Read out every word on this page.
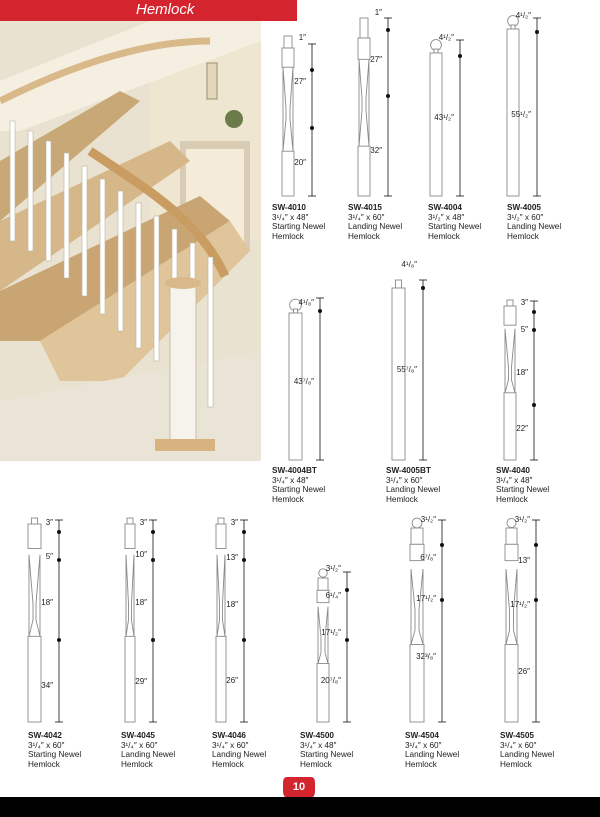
Hemlock
1″
27″
20″
SW-4010
3¹/₄″ x 48″
Starting Newel
Hemlock
1″
27″
32″
SW-4015
3¹/₄″ x 60″
Landing Newel
Hemlock
4¹/₂″
43¹/₂″
SW-4004
3¹/₂″ x 48″
Starting Newel
Hemlock
4¹/₂″
55¹/₂″
SW-4005
3¹/₂″ x 60″
Landing Newel
Hemlock
4¹/₈″
43⁷/₈″
SW-4004BT
3¹/₄″ x 48″
Starting Newel
Hemlock
4¹/₈″
55⁷/₈″
SW-4005BT
3¹/₄″ x 60″
Landing Newel
Hemlock
3″
5″
18″
22″
SW-4040
3¹/₄″ x 48″
Starting Newel
Hemlock
3″
5″
18″
34″
SW-4042
3¹/₄″ x 60″
Starting Newel
Hemlock
3″
10″
18″
29″
SW-4045
3¹/₄″ x 60″
Landing Newel
Hemlock
3″
13″
18″
26″
SW-4046
3¹/₄″ x 60″
Landing Newel
Hemlock
3¹/₂″
6¹/₄″
17¹/₂″
20⁷/₈″
SW-4500
3¹/₄″ x 48″
Starting Newel
Hemlock
3¹/₂″
6⁷/₈″
17¹/₂″
32³/₈″
SW-4504
3¹/₄″ x 60″
Landing Newel
Hemlock
3¹/₂″
13″
17¹/₂″
26″
SW-4505
3¹/₄″ x 60″
Landing Newel
Hemlock
10
